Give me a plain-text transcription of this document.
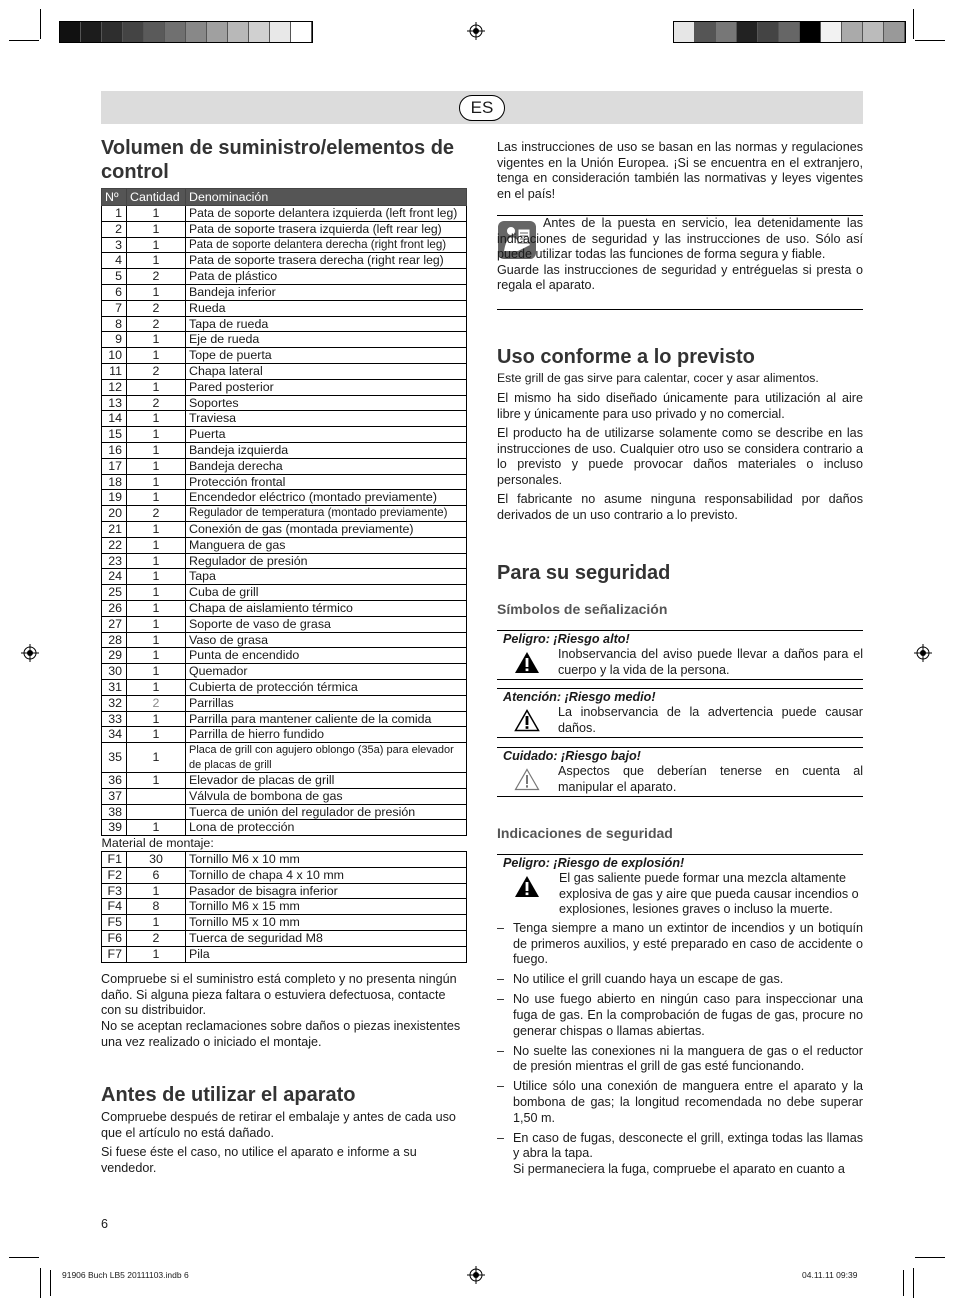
ES
Volumen de suministro/elementos de control
Nº	Cantidad	Denominación
1	1	Pata de soporte delantera izquierda (left front leg)
2	1	Pata de soporte trasera izquierda (left rear leg)
3	1	Pata de soporte delantera derecha (right front leg)
4	1	Pata de soporte trasera derecha (right rear leg)
5	2	Pata de plástico
6	1	Bandeja inferior
7	2	Rueda
8	2	Tapa de rueda
9	1	Eje de rueda
10	1	Tope de puerta
11	2	Chapa lateral
12	1	Pared posterior
13	2	Soportes
14	1	Traviesa
15	1	Puerta
16	1	Bandeja izquierda
17	1	Bandeja derecha
18	1	Protección frontal
19	1	Encendedor eléctrico (montado previamente)
20	2	Regulador de temperatura (montado previamente)
21	1	Conexión de gas (montada previamente)
22	1	Manguera de gas
23	1	Regulador de presión
24	1	Tapa
25	1	Cuba de grill
26	1	Chapa de aislamiento térmico
27	1	Soporte de vaso de grasa
28	1	Vaso de grasa
29	1	Punta de encendido
30	1	Quemador
31	1	Cubierta de protección térmica
32	2	Parrillas
33	1	Parrilla para mantener caliente de la comida
34	1	Parrilla de hierro fundido
35	1	Placa de grill con agujero oblongo (35a) para elevador de placas de grill
36	1	Elevador de placas de grill
37		Válvula de bombona de gas
38		Tuerca de unión del regulador de presión
39	1	Lona de protección
Material de montaje:		
F1	30	Tornillo M6 x 10 mm
F2	6	Tornillo de chapa 4 x 10 mm
F3	1	Pasador de bisagra inferior
F4	8	Tornillo M6 x 15 mm
F5	1	Tornillo M5 x 10 mm
F6	2	Tuerca de seguridad M8
F7	1	Pila

Compruebe si el suministro está completo y no presenta ningún daño. Si alguna pieza faltara o estuviera defectuosa, contacte con su distribuidor.

No se aceptan reclamaciones sobre daños o piezas inexistentes una vez realizado o iniciado el montaje.

Antes de utilizar el aparato

Compruebe después de retirar el embalaje y antes de cada uso que el artículo no está dañado.

Si fuese éste el caso, no utilice el aparato e informe a su vendedor.

6
91906 Buch LB5 20111103.indb 6	04.11.11 09:39

Las instrucciones de uso se basan en las normas y regulaciones vigentes en la Unión Europea. ¡Si se encuentra en el extranjero, tenga en consideración también las normativas y leyes vigentes en el país!

Antes de la puesta en servicio, lea detenidamente las indicaciones de seguridad y las instrucciones de uso. Sólo así puede utilizar todas las funciones de forma segura y fiable.

Guarde las instrucciones de seguridad y entréguelas si presta o regala el aparato.
Uso conforme a lo previsto

Este grill de gas sirve para calentar, cocer y asar alimentos.

El mismo ha sido diseñado únicamente para utilización al aire libre y únicamente para uso privado y no comercial.

El producto ha de utilizarse solamente como se describe en las instrucciones de uso. Cualquier otro uso se considera contrario a lo previsto y puede provocar daños materiales o incluso personales.

El fabricante no asume ninguna responsabilidad por daños derivados de un uso contrario a lo previsto.

Para su seguridad
Símbolos de señalización
Peligro: ¡Riesgo alto!
Inobservancia del aviso puede llevar a daños para el cuerpo y la vida de la persona.
Atención: ¡Riesgo medio!
La inobservancia de la advertencia puede causar daños.
Cuidado: ¡Riesgo bajo!
Aspectos que deberían tenerse en cuenta al manipular el aparato.
Indicaciones de seguridad
Peligro: ¡Riesgo de explosión!
El gas saliente puede formar una mezcla altamente explosiva de gas y aire que pueda causar incendios o explosiones, lesiones graves o incluso la muerte.
– Tenga siempre a mano un extintor de incendios y un botiquín de primeros auxilios, y esté preparado en caso de accidente o fuego.
– No utilice el grill cuando haya un escape de gas.
– No use fuego abierto en ningún caso para inspeccionar una fuga de gas. En la comprobación de fugas de gas, procure no generar chispas o llamas abiertas.
– No suelte las conexiones ni la manguera de gas o el reductor de presión mientras el grill de gas esté funcionando.
– Utilice sólo una conexión de manguera entre el aparato y la bombona de gas; la longitud recomendada no debe superar 1,50 m.
– En caso de fugas, desconecte el grill, extinga todas las llamas y abra la tapa.
Si permaneciera la fuga, compruebe el aparato en cuanto a
